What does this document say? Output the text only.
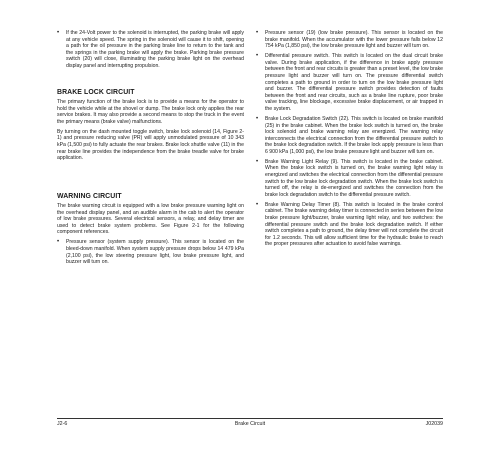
• If the 24-Volt power to the solenoid is interrupted, the parking brake will apply at any vehicle speed. The spring in the solenoid will cause it to shift, opening a path for the oil pressure in the parking brake line to return to the tank and the springs in the parking brake will apply the brake. Parking brake pressure switch (20) will close, illuminating the parking brake light on the overhead display panel and interrupting propulsion.
BRAKE LOCK CIRCUIT

The primary function of the brake lock is to provide a means for the operator to hold the vehicle while at the shovel or dump. The brake lock only applies the rear service brakes. It may also provide a second means to stop the truck in the event the primary means (brake valve) malfunctions.

By turning on the dash mounted toggle switch, brake lock solenoid (14, Figure 2-1) and pressure reducing valve (PR) will apply unmodulated pressure of 10 343 kPa (1,500 psi) to fully actuate the rear brakes. Brake lock shuttle valve (11) in the rear brake line provides the independence from the brake treadle valve for brake application.

WARNING CIRCUIT

The brake warning circuit is equipped with a low brake pressure warning light on the overhead display panel, and an audible alarm in the cab to alert the operator of low brake pressures. Several electrical sensors, a relay, and delay timer are used to detect brake system problems. See Figure 2-1 for the following component references.

• Pressure sensor (system supply pressure). This sensor is located on the bleed-down manifold. When system supply pressure drops below 14 479 kPa (2,100 psi), the low steering pressure light, low brake pressure light, and buzzer will turn on.
• Pressure sensor (19) (low brake pressure). This sensor is located on the brake manifold. When the accumulator with the lower pressure falls below 12 754 kPa (1,850 psi), the low brake pressure light and buzzer will turn on.
• Differential pressure switch. This switch is located on the dual circuit brake valve. During brake application, if the difference in brake apply pressure between the front and rear circuits is greater than a preset level, the low brake pressure light and buzzer will turn on. The pressure differential switch completes a path to ground in order to turn on the low brake pressure light and buzzer. The differential pressure switch provides detection of faults between the front and rear circuits, such as a brake line rupture, poor brake valve tracking, line blockage, excessive brake displacement, or air trapped in the system.
• Brake Lock Degradation Switch (22). This switch is located on brake manifold (25) in the brake cabinet. When the brake lock switch is turned on, the brake lock solenoid and brake warning relay are energized. The warning relay interconnects the electrical connection from the differential pressure switch to the brake lock degradation switch. If the brake lock apply pressure is less than 6 900 kPa (1,000 psi), the low brake pressure light and buzzer will turn on.
• Brake Warning Light Relay (9). This switch is located in the brake cabinet. When the brake lock switch is turned on, the brake warning light relay is energized and switches the electrical connection from the differential pressure switch to the low brake lock degradation switch. When the brake lock switch is turned off, the relay is de-energized and switches the connection from the brake lock degradation switch to the differential pressure switch.
• Brake Warning Delay Timer (8). This switch is located in the brake control cabinet. The brake warning delay timer is connected in series between the low brake pressure light/buzzer, brake warning light relay, and two switches: the differential pressure switch and the brake lock degradation switch. If either switch completes a path to ground, the delay timer will not complete the circuit for 1.2 seconds. This will allow sufficient time for the hydraulic brake to reach the proper pressures after actuation to avoid false warnings.
J2-6	Brake Circuit	J02039
